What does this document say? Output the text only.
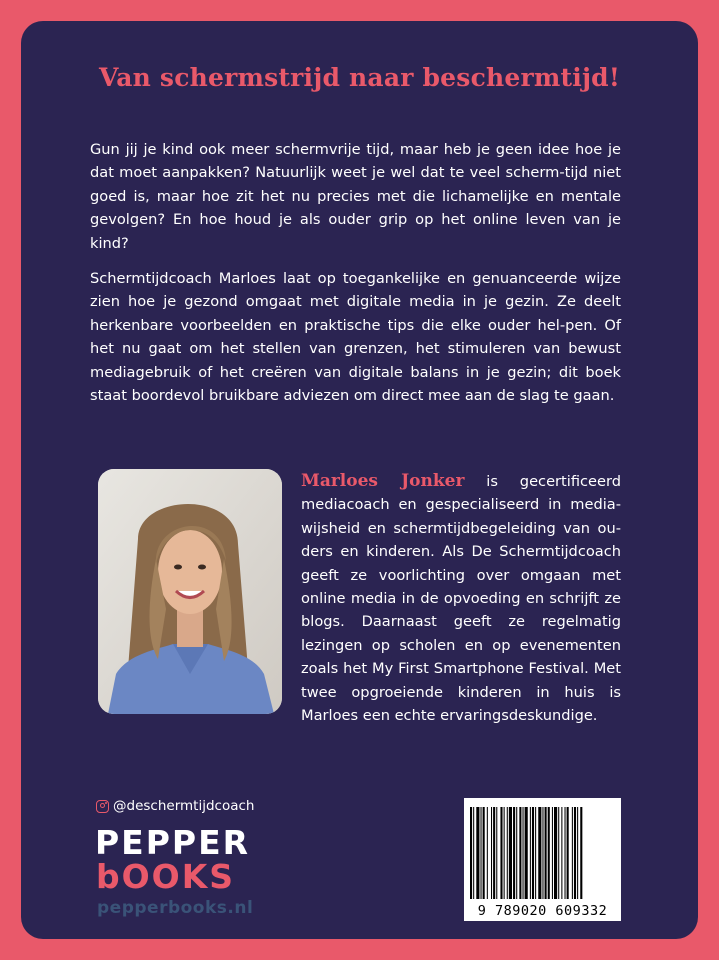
Van schermstrijd naar beschermtijd!

Gun jij je kind ook meer schermvrije tijd, maar heb je geen idee hoe je dat moet aanpakken? Natuurlijk weet je wel dat te veel scherm-tijd niet goed is, maar hoe zit het nu precies met die lichamelijke en mentale gevolgen? En hoe houd je als ouder grip op het online leven van je kind?

Schermtijdcoach Marloes laat op toegankelijke en genuanceerde wijze zien hoe je gezond omgaat met digitale media in je gezin. Ze deelt herkenbare voorbeelden en praktische tips die elke ouder hel-pen. Of het nu gaat om het stellen van grenzen, het stimuleren van bewust mediagebruik of het creëren van digitale balans in je gezin; dit boek staat boordevol bruikbare adviezen om direct mee aan de slag te gaan.

Marloes Jonker is gecertificeerd mediacoach en gespecialiseerd in media-wijsheid en schermtijdbegeleiding van ou-ders en kinderen. Als De Schermtijdcoach geeft ze voorlichting over omgaan met online media in de opvoeding en schrijft ze blogs. Daarnaast geeft ze regelmatig lezingen op scholen en op evenementen zoals het My First Smartphone Festival. Met twee opgroeiende kinderen in huis is Marloes een echte ervaringsdeskundige.

@deschermtijdcoach
PEPPER
bOOKS
pepperbooks.nl	9 789020 609332
